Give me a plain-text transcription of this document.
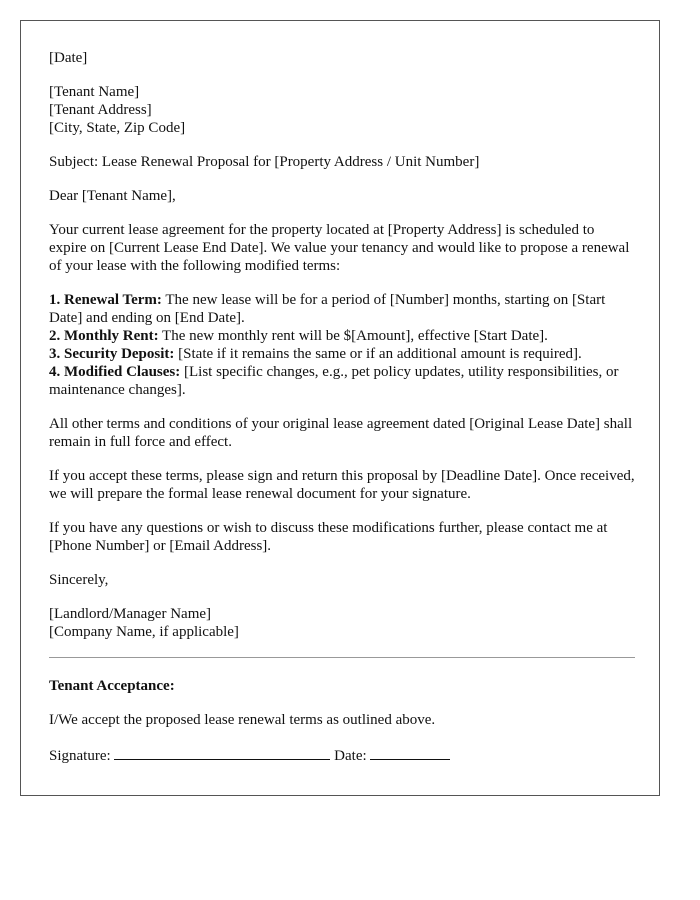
[Date]

[Tenant Name]
[Tenant Address]
[City, State, Zip Code]

Subject: Lease Renewal Proposal for [Property Address / Unit Number]

Dear [Tenant Name],

Your current lease agreement for the property located at [Property Address] is scheduled to expire on [Current Lease End Date]. We value your tenancy and would like to propose a renewal of your lease with the following modified terms:

1. Renewal Term: The new lease will be for a period of [Number] months, starting on [Start Date] and ending on [End Date].
2. Monthly Rent: The new monthly rent will be $[Amount], effective [Start Date].
3. Security Deposit: [State if it remains the same or if an additional amount is required].
4. Modified Clauses: [List specific changes, e.g., pet policy updates, utility responsibilities, or maintenance changes].

All other terms and conditions of your original lease agreement dated [Original Lease Date] shall remain in full force and effect.

If you accept these terms, please sign and return this proposal by [Deadline Date]. Once received, we will prepare the formal lease renewal document for your signature.

If you have any questions or wish to discuss these modifications further, please contact me at [Phone Number] or [Email Address].

Sincerely,

[Landlord/Manager Name]
[Company Name, if applicable]

Tenant Acceptance:

I/We accept the proposed lease renewal terms as outlined above.

Signature:	Date:
